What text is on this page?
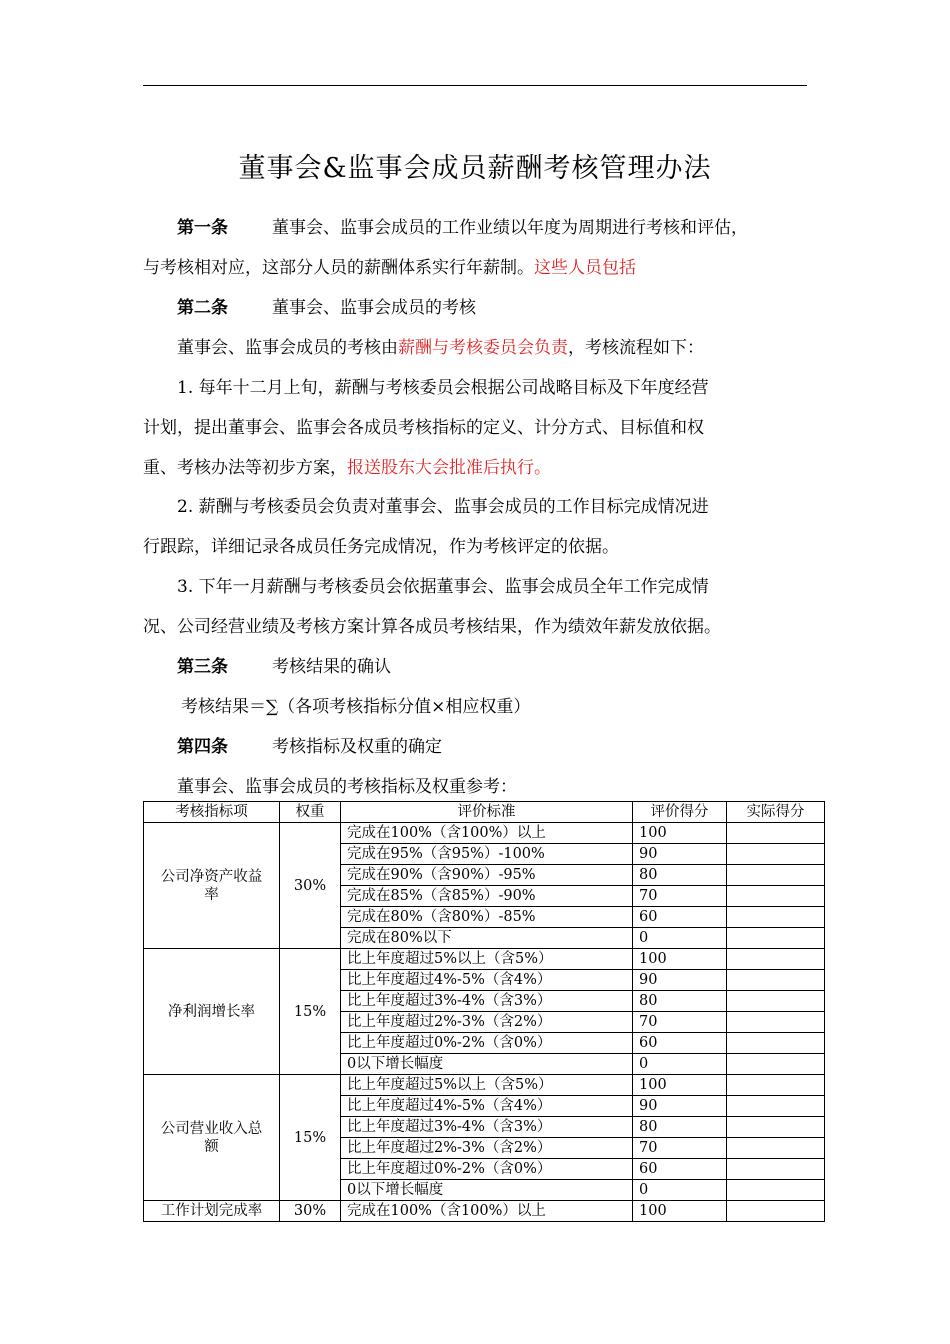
董事会&监事会成员薪酬考核管理办法
第一条	董事会、监事会成员的工作业绩以年度为周期进行考核和评估，
与考核相对应，这部分人员的薪酬体系实行年薪制。这些人员包括
第二条	董事会、监事会成员的考核
董事会、监事会成员的考核由薪酬与考核委员会负责，考核流程如下：
1. 每年十二月上旬，薪酬与考核委员会根据公司战略目标及下年度经营
计划，提出董事会、监事会各成员考核指标的定义、计分方式、目标值和权
重、考核办法等初步方案，报送股东大会批准后执行。
2. 薪酬与考核委员会负责对董事会、监事会成员的工作目标完成情况进
行跟踪，详细记录各成员任务完成情况，作为考核评定的依据。
3. 下年一月薪酬与考核委员会依据董事会、监事会成员全年工作完成情
况、公司经营业绩及考核方案计算各成员考核结果，作为绩效年薪发放依据。
第三条	考核结果的确认
考核结果＝∑（各项考核指标分值×相应权重）
第四条	考核指标及权重的确定
董事会、监事会成员的考核指标及权重参考：
考核指标项	权重	评价标准	评价得分	实际得分
公司净资产收益率	30%	完成在100%（含100%）以上	100	
		完成在95%（含95%）-100%	90	
		完成在90%（含90%）-95%	80	
		完成在85%（含85%）-90%	70	
		完成在80%（含80%）-85%	60	
		完成在80%以下	0	
净利润增长率	15%	比上年度超过5%以上（含5%）	100	
		比上年度超过4%-5%（含4%）	90	
		比上年度超过3%-4%（含3%）	80	
		比上年度超过2%-3%（含2%）	70	
		比上年度超过0%-2%（含0%）	60	
		0以下增长幅度	0	
公司营业收入总额	15%	比上年度超过5%以上（含5%）	100	
		比上年度超过4%-5%（含4%）	90	
		比上年度超过3%-4%（含3%）	80	
		比上年度超过2%-3%（含2%）	70	
		比上年度超过0%-2%（含0%）	60	
		0以下增长幅度	0	
工作计划完成率	30%	完成在100%（含100%）以上	100	
